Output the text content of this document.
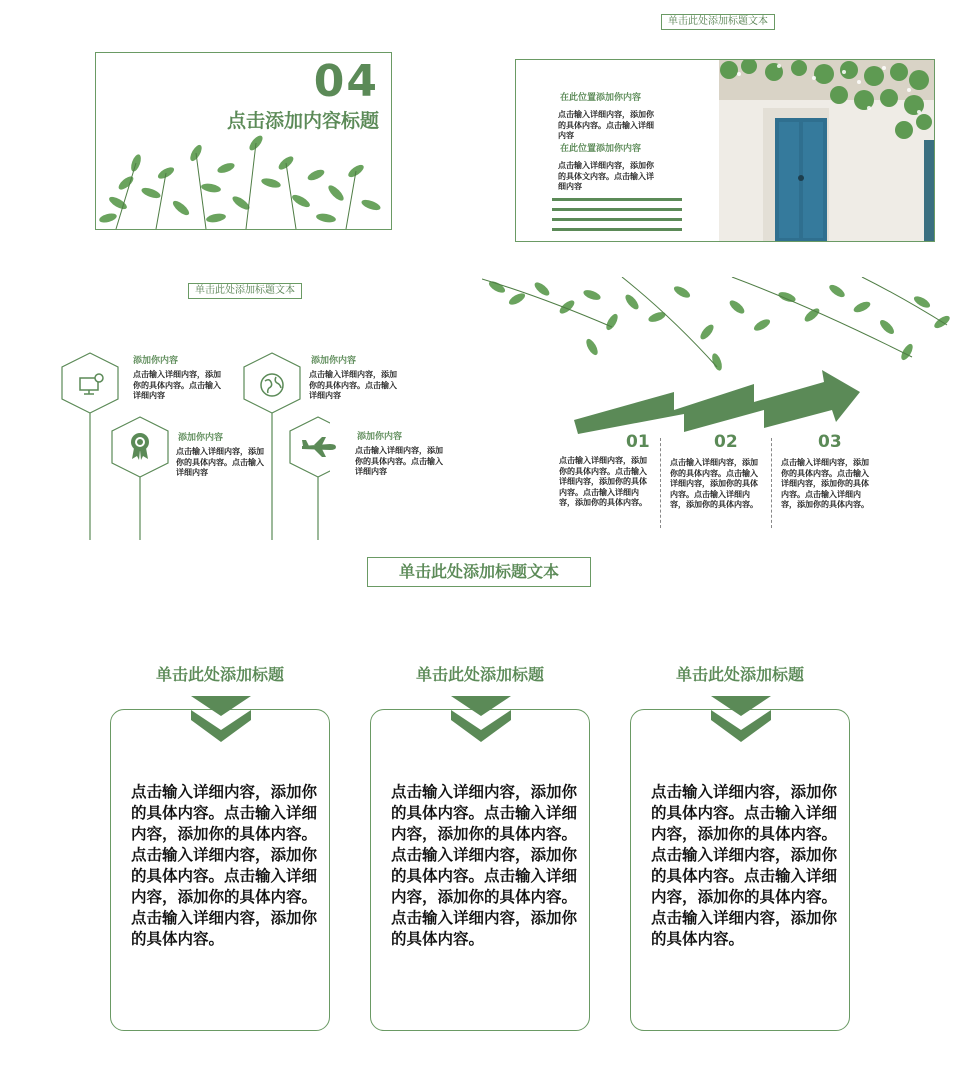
04
点击添加内容标题
单击此处添加标题文本
在此位置添加你内容
点击输入详细内容，添加你的具体内容。点击输入详细内容
在此位置添加你内容
点击输入详细内容，添加你的具体文内容。点击输入详细内容
单击此处添加标题文本
添加你内容
点击输入详细内容，添加你的具体内容。点击输入详细内容
添加你内容
点击输入详细内容，添加你的具体内容。点击输入详细内容
添加你内容
点击输入详细内容，添加你的具体内容。点击输入详细内容
添加你内容
点击输入详细内容，添加你的具体内容。点击输入详细内容
01	02	03
点击输入详细内容，添加你的具体内容。点击输入详细内容，添加你的具体内容。点击输入详细内容，添加你的具体内容。
点击输入详细内容，添加你的具体内容。点击输入详细内容，添加你的具体内容。点击输入详细内容，添加你的具体内容。
点击输入详细内容，添加你的具体内容。点击输入详细内容，添加你的具体内容。点击输入详细内容，添加你的具体内容。
单击此处添加标题文本
单击此处添加标题
点击输入详细内容，添加你的具体内容。点击输入详细内容，添加你的具体内容。点击输入详细内容，添加你的具体内容。点击输入详细内容，添加你的具体内容。点击输入详细内容，添加你的具体内容。
单击此处添加标题
点击输入详细内容，添加你的具体内容。点击输入详细内容，添加你的具体内容。点击输入详细内容，添加你的具体内容。点击输入详细内容，添加你的具体内容。点击输入详细内容，添加你的具体内容。
单击此处添加标题
点击输入详细内容，添加你的具体内容。点击输入详细内容，添加你的具体内容。点击输入详细内容，添加你的具体内容。点击输入详细内容，添加你的具体内容。点击输入详细内容，添加你的具体内容。
